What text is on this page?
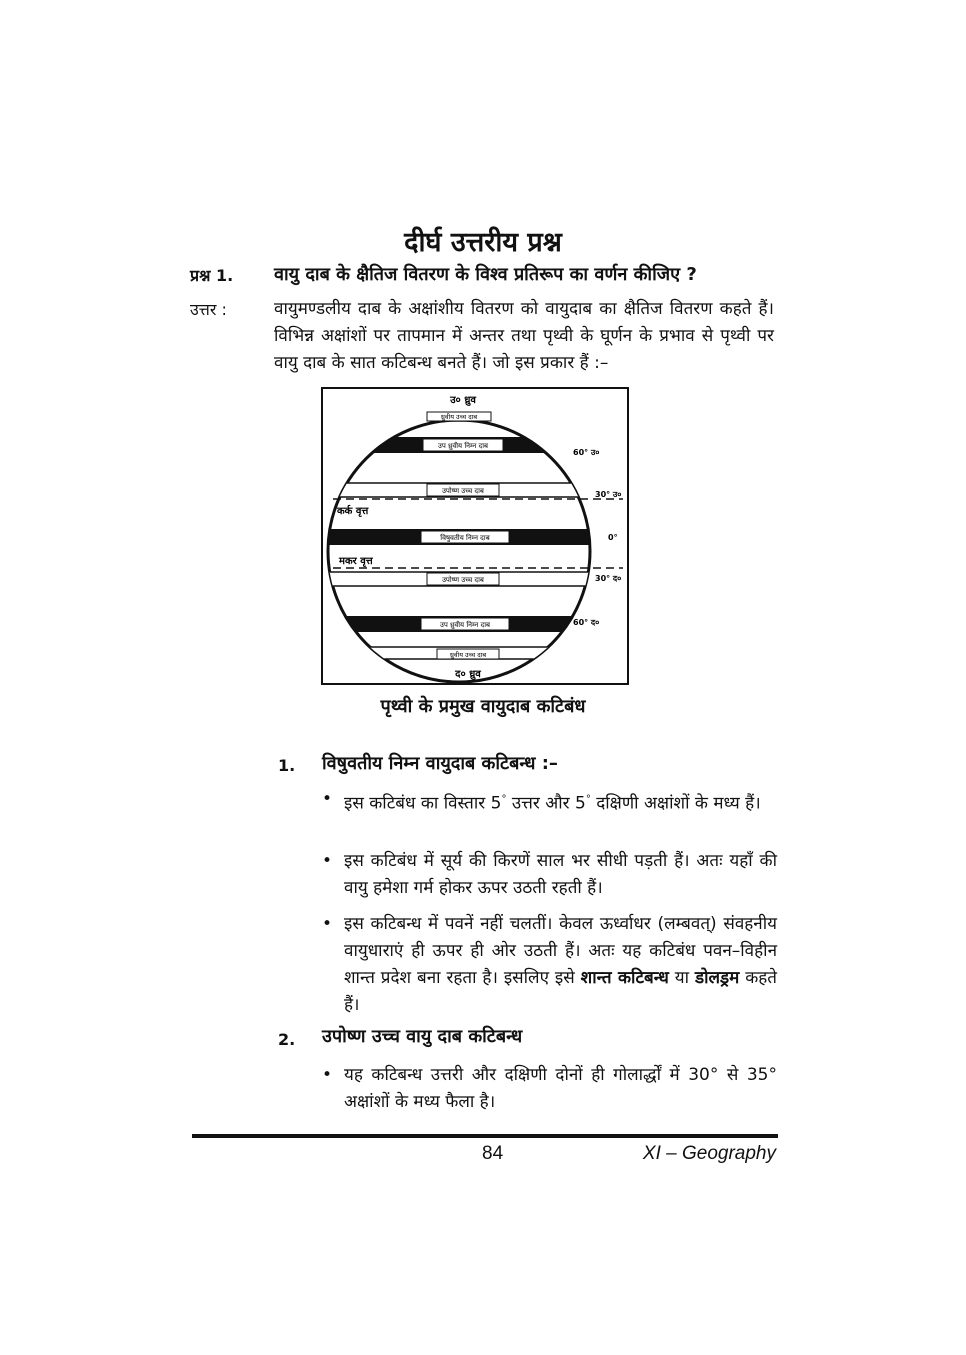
दीर्घ उत्तरीय प्रश्न
प्रश्न 1. वायु दाब के क्षैतिज वितरण के विश्व प्रतिरूप का वर्णन कीजिए ?
उत्तर :	वायुमण्डलीय दाब के अक्षांशीय वितरण को वायुदाब का क्षैतिज वितरण कहते हैं। विभिन्न अक्षांशों पर तापमान में अन्तर तथा पृथ्वी के घूर्णन के प्रभाव से पृथ्वी पर वायु दाब के सात कटिबन्ध बनते हैं। जो इस प्रकार हैं :–
ध्रुवीय उच्च दाब
उप ध्रुवीय निम्न दाब
उपोष्ण उच्च दाब
विषुवतीय निम्न दाब
उपोष्ण उच्च दाब
उप ध्रुवीय निम्न दाब
ध्रुवीय उच्च दाब
उ० ध्रुव
द० ध्रुव
60° उ०
30° उ०
0°
30° द०
60° द०
कर्क वृत्त
मकर वृत्त
पृथ्वी के प्रमुख वायुदाब कटिबंध
1. विषुवतीय निम्न वायुदाब कटिबन्ध :–
• इस कटिबंध का विस्तार 5° उत्तर और 5° दक्षिणी अक्षांशों के मध्य हैं।
• इस कटिबंध में सूर्य की किरणें साल भर सीधी पड़ती हैं। अतः यहाँ की वायु हमेशा गर्म होकर ऊपर उठती रहती हैं।
• इस कटिबन्ध में पवनें नहीं चलतीं। केवल ऊर्ध्वाधर (लम्बवत्) संवहनीय वायुधाराएं ही ऊपर ही ओर उठती हैं। अतः यह कटिबंध पवन–विहीन शान्त प्रदेश बना रहता है। इसलिए इसे शान्त कटिबन्ध या डोलड्रम कहते हैं।
2. उपोष्ण उच्च वायु दाब कटिबन्ध
• यह कटिबन्ध उत्तरी और दक्षिणी दोनों ही गोलार्द्धों में 30° से 35° अक्षांशों के मध्य फैला है।
84	XI – Geography
